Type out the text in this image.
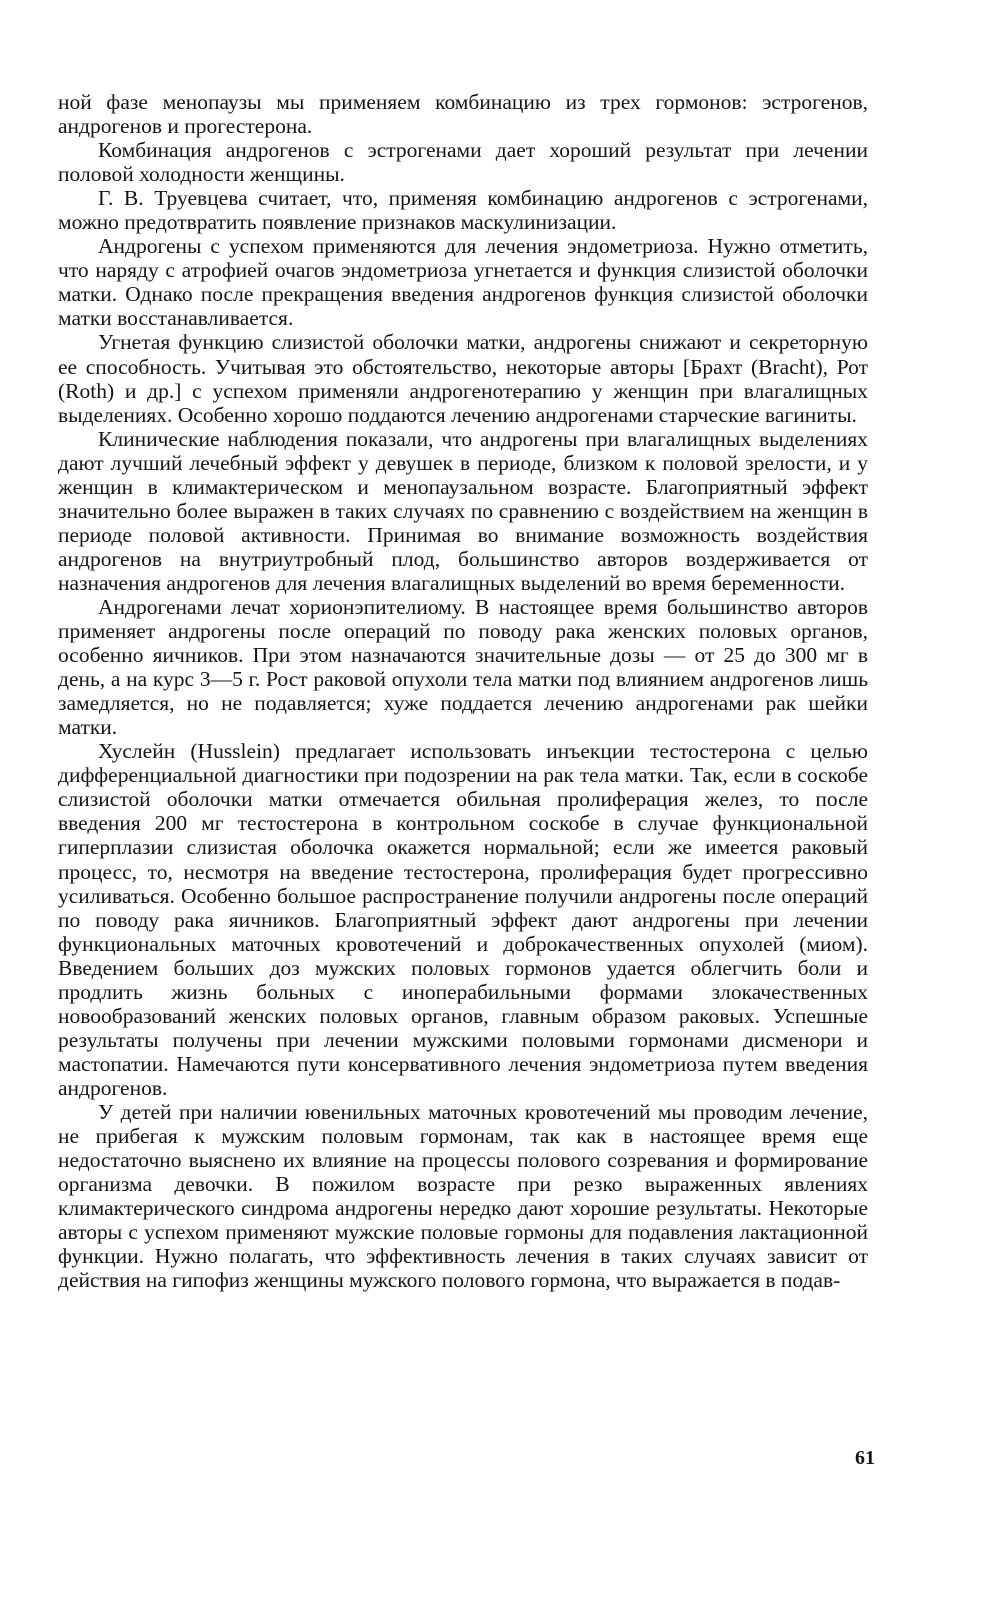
ной фазе менопаузы мы применяем комбинацию из трех гормонов: эстрогенов, андрогенов и прогестерона.

Комбинация андрогенов с эстрогенами дает хороший результат при лечении половой холодности женщины.

Г. В. Труевцева считает, что, применяя комбинацию андрогенов с эстрогенами, можно предотвратить появление признаков маскулинизации.

Андрогены с успехом применяются для лечения эндометриоза. Нужно отметить, что наряду с атрофией очагов эндометриоза угнетается и функция слизистой оболочки матки. Однако после прекращения введения андрогенов функция слизистой оболочки матки восстанавливается.

Угнетая функцию слизистой оболочки матки, андрогены снижают и секреторную ее способность. Учитывая это обстоятельство, некоторые авторы [Брахт (Bracht), Рот (Roth) и др.] с успехом применяли андрогенотерапию у женщин при влагалищных выделениях. Особенно хорошо поддаются лечению андрогенами старческие вагиниты.

Клинические наблюдения показали, что андрогены при влагалищных выделениях дают лучший лечебный эффект у девушек в периоде, близком к половой зрелости, и у женщин в климактерическом и менопаузальном возрасте. Благоприятный эффект значительно более выражен в таких случаях по сравнению с воздействием на женщин в периоде половой активности. Принимая во внимание возможность воздействия андрогенов на внутриутробный плод, большинство авторов воздерживается от назначения андрогенов для лечения влагалищных выделений во время беременности.

Андрогенами лечат хорионэпителиому. В настоящее время большинство авторов применяет андрогены после операций по поводу рака женских половых органов, особенно яичников. При этом назначаются значительные дозы — от 25 до 300 мг в день, а на курс 3—5 г. Рост раковой опухоли тела матки под влиянием андрогенов лишь замедляется, но не подавляется; хуже поддается лечению андрогенами рак шейки матки.

Хуслейн (Husslein) предлагает использовать инъекции тестостерона с целью дифференциальной диагностики при подозрении на рак тела матки. Так, если в соскобе слизистой оболочки матки отмечается обильная пролиферация желез, то после введения 200 мг тестостерона в контрольном соскобе в случае функциональной гиперплазии слизистая оболочка окажется нормальной; если же имеется раковый процесс, то, несмотря на введение тестостерона, пролиферация будет прогрессивно усиливаться. Особенно большое распространение получили андрогены после операций по поводу рака яичников. Благоприятный эффект дают андрогены при лечении функциональных маточных кровотечений и доброкачественных опухолей (миом). Введением больших доз мужских половых гормонов удается облегчить боли и продлить жизнь больных с иноперабильными формами злокачественных новообразований женских половых органов, главным образом раковых. Успешные результаты получены при лечении мужскими половыми гормонами дисменори и мастопатии. Намечаются пути консервативного лечения эндометриоза путем введения андрогенов.

У детей при наличии ювенильных маточных кровотечений мы проводим лечение, не прибегая к мужским половым гормонам, так как в настоящее время еще недостаточно выяснено их влияние на процессы полового созревания и формирование организма девочки. В пожилом возрасте при резко выраженных явлениях климактерического синдрома андрогены нередко дают хорошие результаты. Некоторые авторы с успехом применяют мужские половые гормоны для подавления лактационной функции. Нужно полагать, что эффективность лечения в таких случаях зависит от действия на гипофиз женщины мужского полового гормона, что выражается в подав-

61
